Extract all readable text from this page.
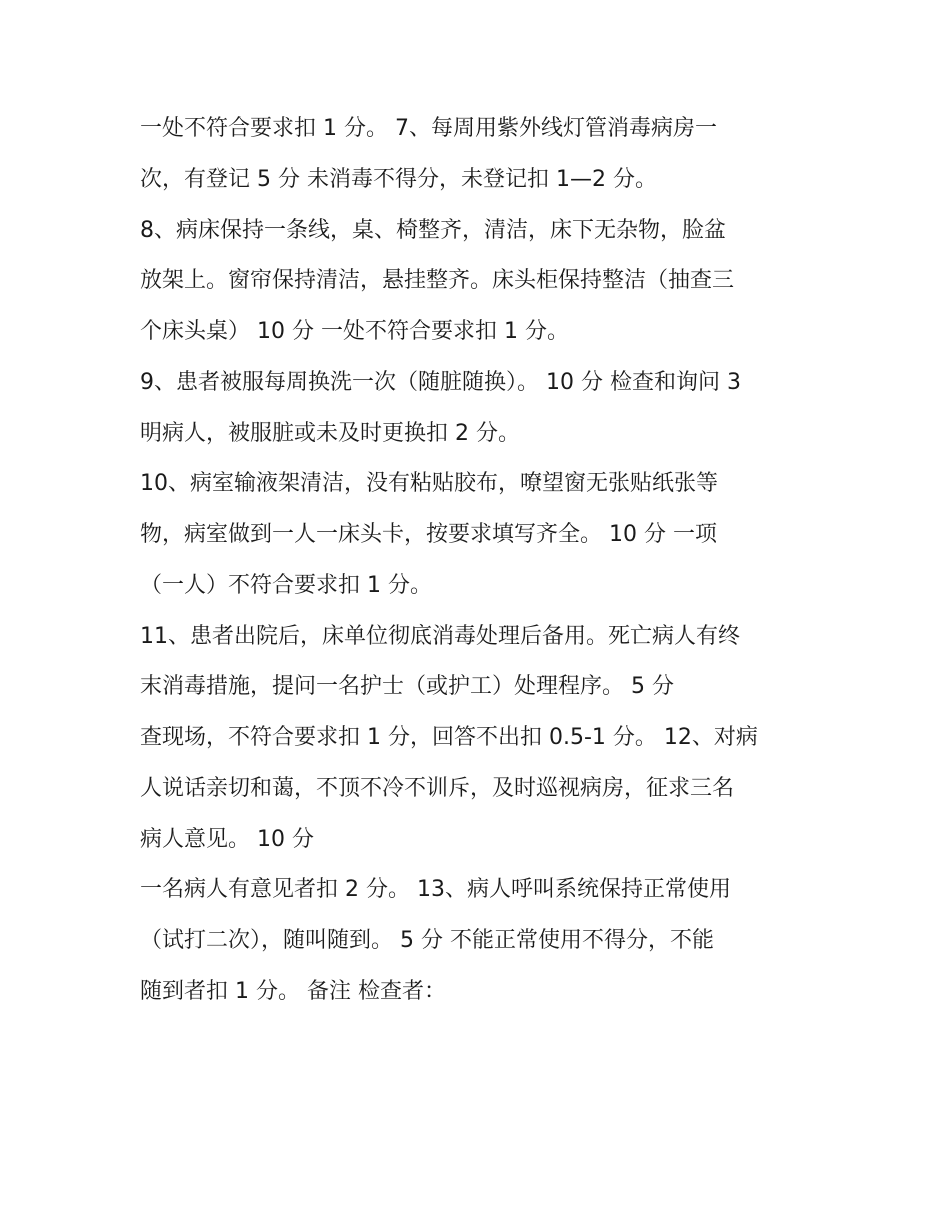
一处不符合要求扣 1 分。 7、每周用紫外线灯管消毒病房一
次，有登记 5 分 未消毒不得分，未登记扣 1—2 分。
8、病床保持一条线，桌、椅整齐，清洁，床下无杂物，脸盆
放架上。窗帘保持清洁，悬挂整齐。床头柜保持整洁（抽查三
个床头桌） 10 分 一处不符合要求扣 1 分。
9、患者被服每周换洗一次（随脏随换）。 10 分 检查和询问 3
明病人，被服脏或未及时更换扣 2 分。
10、病室输液架清洁，没有粘贴胶布，嘹望窗无张贴纸张等
物，病室做到一人一床头卡，按要求填写齐全。 10 分 一项
（一人）不符合要求扣 1 分。
11、患者出院后，床单位彻底消毒处理后备用。死亡病人有终
末消毒措施，提问一名护士（或护工）处理程序。 5 分
查现场，不符合要求扣 1 分，回答不出扣 0.5-1 分。 12、对病
人说话亲切和蔼，不顶不冷不训斥，及时巡视病房，征求三名
病人意见。 10 分
一名病人有意见者扣 2 分。 13、病人呼叫系统保持正常使用
（试打二次），随叫随到。 5 分 不能正常使用不得分，不能
随到者扣 1 分。 备注 检查者：
